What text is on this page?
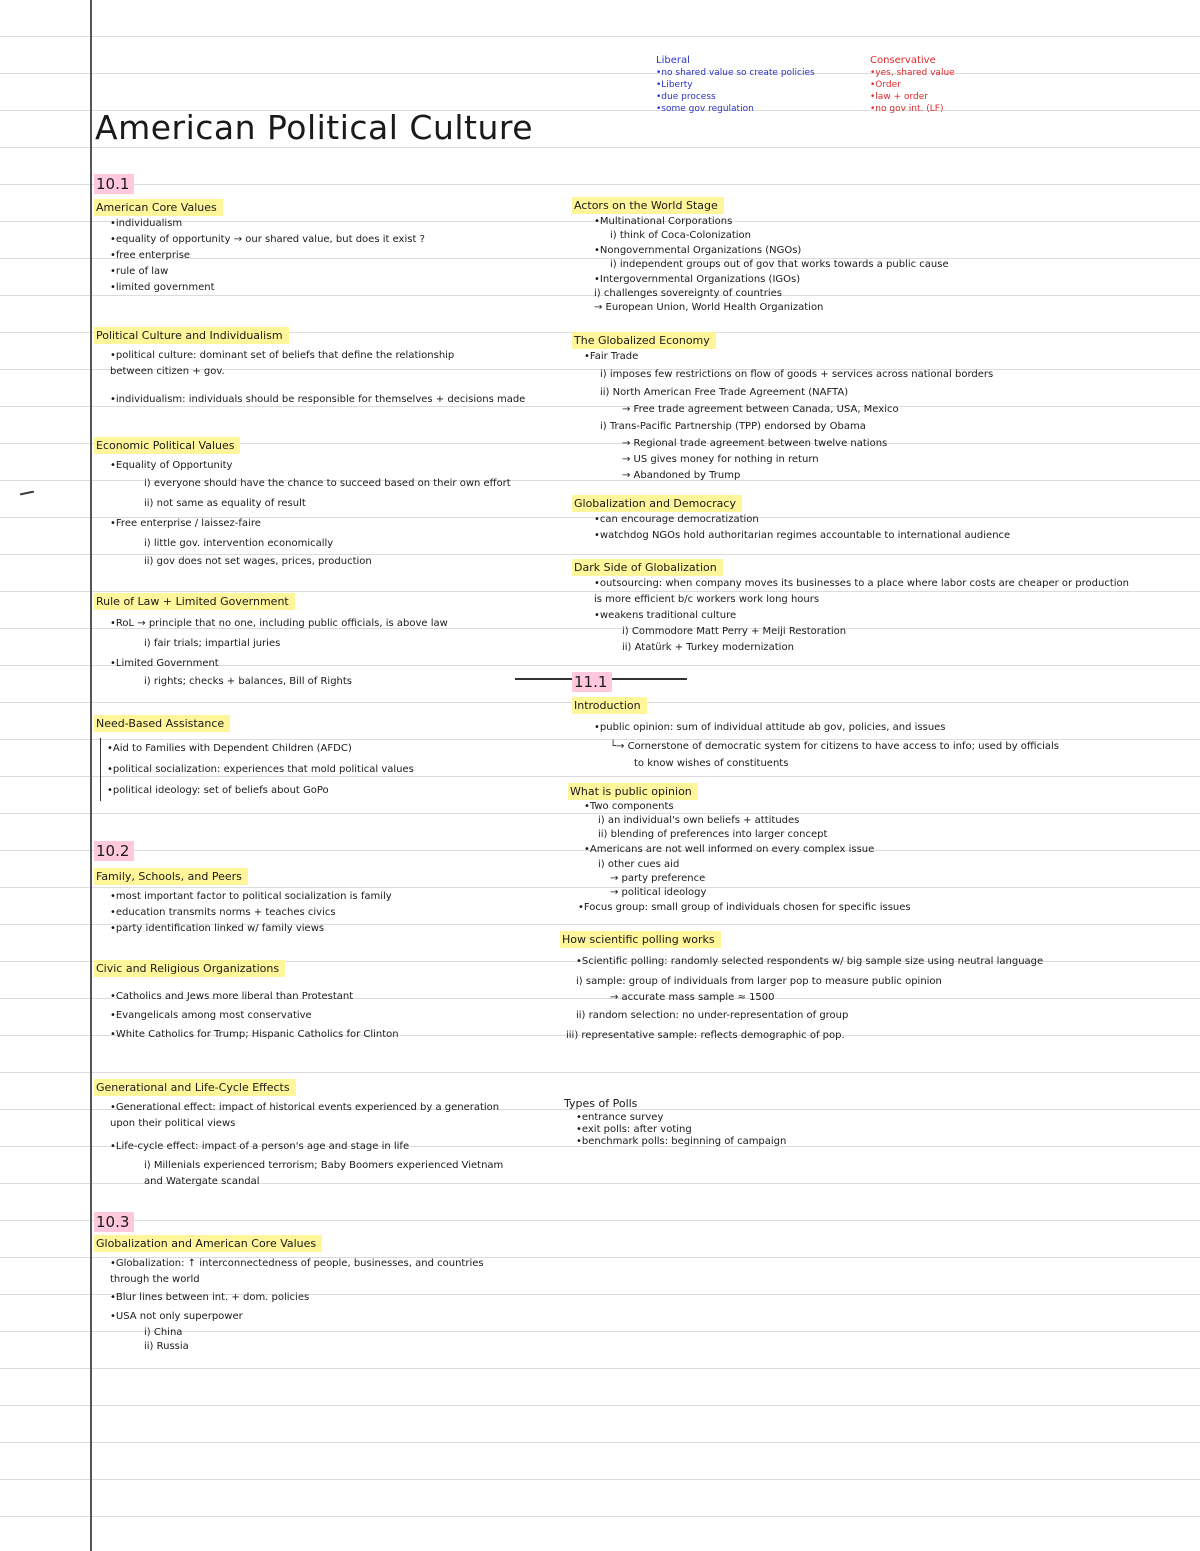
Liberal
•no shared value so create policies
•Liberty
•due process
•some gov regulation
Conservative
•yes, shared value
•Order
•law + order
•no gov int. (LF)
American Political Culture
10.1
American Core Values
•individualism
•equality of opportunity → our shared value, but does it exist ?
•free enterprise
•rule of law
•limited government
Political Culture and Individualism
•political culture: dominant set of beliefs that define the relationship
between citizen + gov.
•individualism: individuals should be responsible for themselves + decisions made
Economic Political Values
•Equality of Opportunity
i) everyone should have the chance to succeed based on their own effort
ii) not same as equality of result
•Free enterprise / laissez-faire
i) little gov. intervention economically
ii) gov does not set wages, prices, production
Rule of Law + Limited Government
•RoL → principle that no one, including public officials, is above law
i) fair trials; impartial juries
•Limited Government
i) rights; checks + balances, Bill of Rights
Need-Based Assistance
•Aid to Families with Dependent Children (AFDC)
•political socialization: experiences that mold political values
•political ideology: set of beliefs about GoPo
10.2
Family, Schools, and Peers
•most important factor to political socialization is family
•education transmits norms + teaches civics
•party identification linked w/ family views
Civic and Religious Organizations
•Catholics and Jews more liberal than Protestant
•Evangelicals among most conservative
•White Catholics for Trump; Hispanic Catholics for Clinton
Generational and Life-Cycle Effects
•Generational effect: impact of historical events experienced by a generation
upon their political views
•Life-cycle effect: impact of a person's age and stage in life
i) Millenials experienced terrorism; Baby Boomers experienced Vietnam
and Watergate scandal
10.3
Globalization and American Core Values
•Globalization: ↑ interconnectedness of people, businesses, and countries
through the world
•Blur lines between int. + dom. policies
•USA not only superpower
i) China
ii) Russia
Actors on the World Stage
•Multinational Corporations
i) think of Coca-Colonization
•Nongovernmental Organizations (NGOs)
i) independent groups out of gov that works towards a public cause
•Intergovernmental Organizations (IGOs)
i) challenges sovereignty of countries
→ European Union, World Health Organization
The Globalized Economy
•Fair Trade
i) imposes few restrictions on flow of goods + services across national borders
ii) North American Free Trade Agreement (NAFTA)
→ Free trade agreement between Canada, USA, Mexico
i) Trans-Pacific Partnership (TPP) endorsed by Obama
→ Regional trade agreement between twelve nations
→ US gives money for nothing in return
→ Abandoned by Trump
Globalization and Democracy
•can encourage democratization
•watchdog NGOs hold authoritarian regimes accountable to international audience
Dark Side of Globalization
•outsourcing: when company moves its businesses to a place where labor costs are cheaper or production
is more efficient b/c workers work long hours
•weakens traditional culture
i) Commodore Matt Perry + Meiji Restoration
ii) Atatürk + Turkey modernization
11.1
Introduction
•public opinion: sum of individual attitude ab gov, policies, and issues
└→ Cornerstone of democratic system for citizens to have access to info; used by officials
to know wishes of constituents
What is public opinion
•Two components
i) an individual's own beliefs + attitudes
ii) blending of preferences into larger concept
•Americans are not well informed on every complex issue
i) other cues aid
→ party preference
→ political ideology
•Focus group: small group of individuals chosen for specific issues
How scientific polling works
•Scientific polling: randomly selected respondents w/ big sample size using neutral language
i) sample: group of individuals from larger pop to measure public opinion
→ accurate mass sample ≈ 1500
ii) random selection: no under-representation of group
iii) representative sample: reflects demographic of pop.
Types of Polls
•entrance survey
•exit polls: after voting
•benchmark polls: beginning of campaign
